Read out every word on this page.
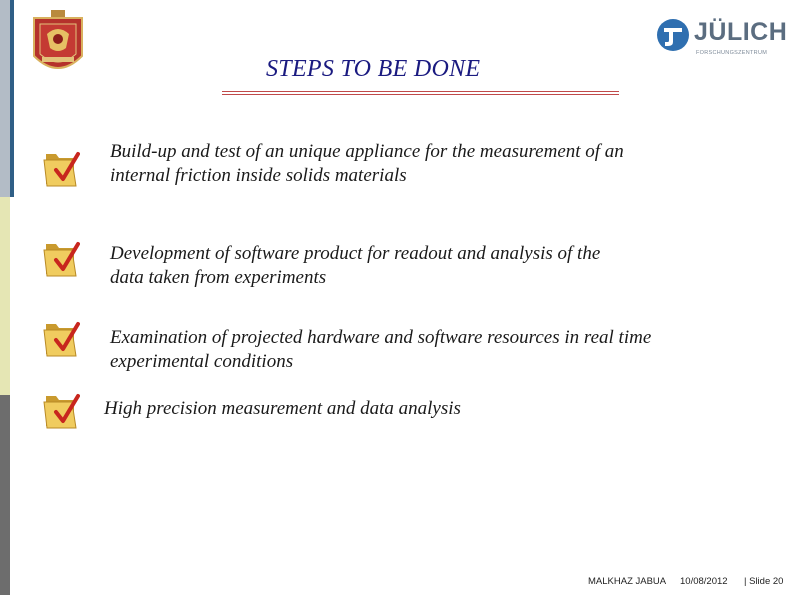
JÜLICH
FORSCHUNGSZENTRUM
STEPS TO BE DONE
Build-up and test of an unique appliance for the measurement of an
internal friction inside solids materials
Development of software product for readout and analysis of the
data taken from experiments
Examination of projected hardware and software resources in real time
experimental conditions
High precision measurement and data analysis
MALKHAZ JABUA 10/08/2012 | Slide 20
